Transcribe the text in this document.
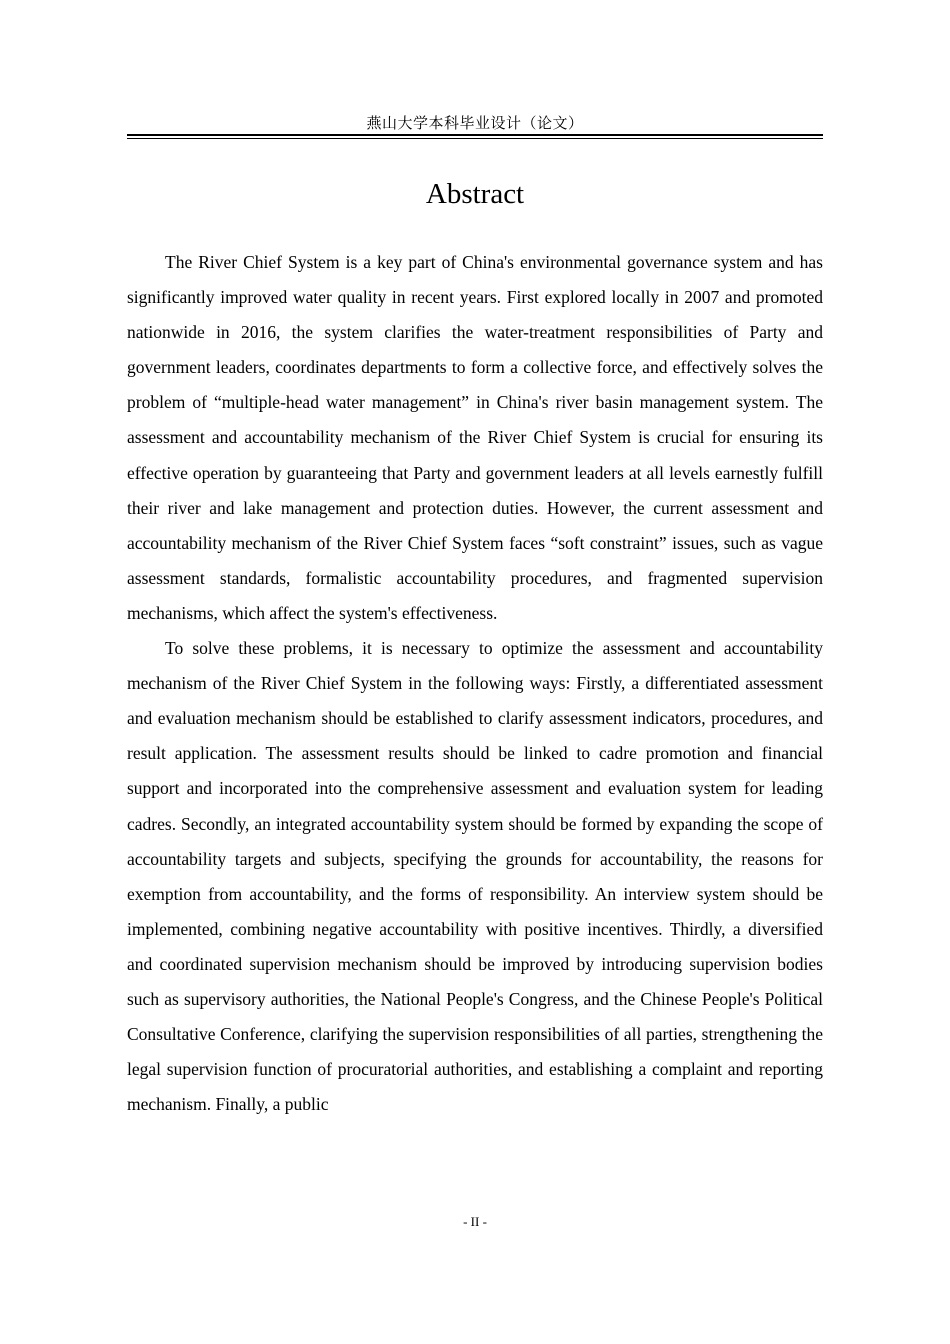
燕山大学本科毕业设计（论文）
Abstract

The River Chief System is a key part of China's environmental governance system and has significantly improved water quality in recent years. First explored locally in 2007 and promoted nationwide in 2016, the system clarifies the water-treatment responsibilities of Party and government leaders, coordinates departments to form a collective force, and effectively solves the problem of “multiple-head water management” in China's river basin management system. The assessment and accountability mechanism of the River Chief System is crucial for ensuring its effective operation by guaranteeing that Party and government leaders at all levels earnestly fulfill their river and lake management and protection duties. However, the current assessment and accountability mechanism of the River Chief System faces “soft constraint” issues, such as vague assessment standards, formalistic accountability procedures, and fragmented supervision mechanisms, which affect the system's effectiveness.

To solve these problems, it is necessary to optimize the assessment and accountability mechanism of the River Chief System in the following ways: Firstly, a differentiated assessment and evaluation mechanism should be established to clarify assessment indicators, procedures, and result application. The assessment results should be linked to cadre promotion and financial support and incorporated into the comprehensive assessment and evaluation system for leading cadres. Secondly, an integrated accountability system should be formed by expanding the scope of accountability targets and subjects, specifying the grounds for accountability, the reasons for exemption from accountability, and the forms of responsibility. An interview system should be implemented, combining negative accountability with positive incentives. Thirdly, a diversified and coordinated supervision mechanism should be improved by introducing supervision bodies such as supervisory authorities, the National People's Congress, and the Chinese People's Political Consultative Conference, clarifying the supervision responsibilities of all parties, strengthening the legal supervision function of procuratorial authorities, and establishing a complaint and reporting mechanism. Finally, a public

- II -
